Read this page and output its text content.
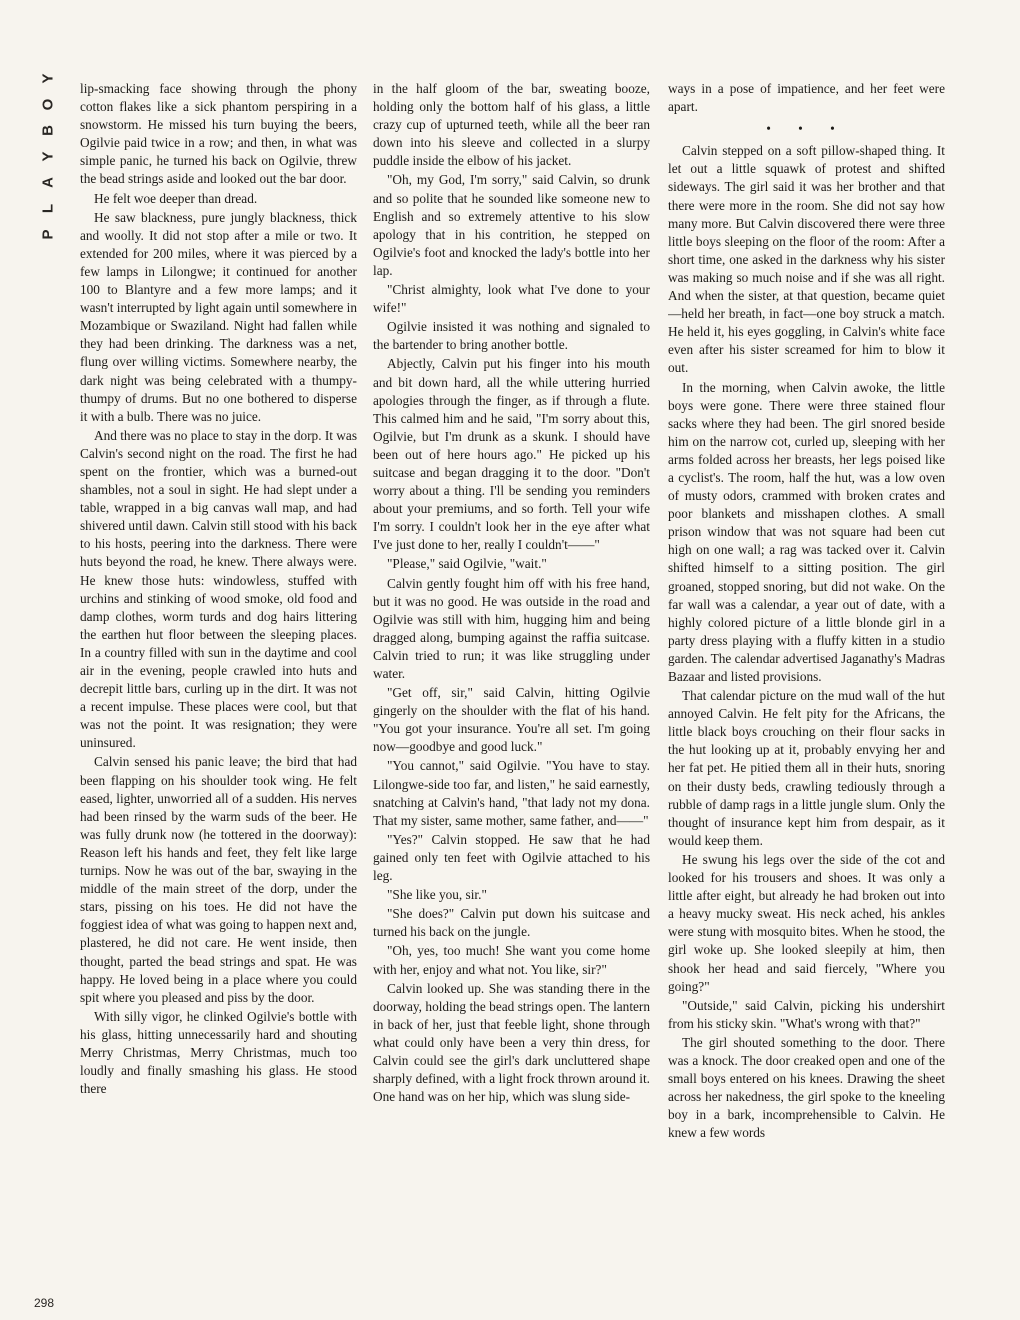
Y
O
B
Y
A
L
P
298

lip-smacking face showing through the phony cotton flakes like a sick phantom perspiring in a snowstorm. He missed his turn buying the beers, Ogilvie paid twice in a row; and then, in what was simple panic, he turned his back on Ogilvie, threw the bead strings aside and looked out the bar door.

He felt woe deeper than dread.

He saw blackness, pure jungly blackness, thick and woolly. It did not stop after a mile or two. It extended for 200 miles, where it was pierced by a few lamps in Lilongwe; it continued for another 100 to Blantyre and a few more lamps; and it wasn't interrupted by light again until somewhere in Mozambique or Swaziland. Night had fallen while they had been drinking. The darkness was a net, flung over willing victims. Somewhere nearby, the dark night was being celebrated with a thumpy-thumpy of drums. But no one bothered to disperse it with a bulb. There was no juice.

And there was no place to stay in the dorp. It was Calvin's second night on the road. The first he had spent on the frontier, which was a burned-out shambles, not a soul in sight. He had slept under a table, wrapped in a big canvas wall map, and had shivered until dawn. Calvin still stood with his back to his hosts, peering into the darkness. There were huts beyond the road, he knew. There always were. He knew those huts: windowless, stuffed with urchins and stinking of wood smoke, old food and damp clothes, worm turds and dog hairs littering the earthen hut floor between the sleeping places. In a country filled with sun in the daytime and cool air in the evening, people crawled into huts and decrepit little bars, curling up in the dirt. It was not a recent impulse. These places were cool, but that was not the point. It was resignation; they were uninsured.

Calvin sensed his panic leave; the bird that had been flapping on his shoulder took wing. He felt eased, lighter, unworried all of a sudden. His nerves had been rinsed by the warm suds of the beer. He was fully drunk now (he tottered in the doorway): Reason left his hands and feet, they felt like large turnips. Now he was out of the bar, swaying in the middle of the main street of the dorp, under the stars, pissing on his toes. He did not have the foggiest idea of what was going to happen next and, plastered, he did not care. He went inside, then thought, parted the bead strings and spat. He was happy. He loved being in a place where you could spit where you pleased and piss by the door.

With silly vigor, he clinked Ogilvie's bottle with his glass, hitting unnecessarily hard and shouting Merry Christmas, Merry Christmas, much too loudly and finally smashing his glass. He stood there

in the half gloom of the bar, sweating booze, holding only the bottom half of his glass, a little crazy cup of upturned teeth, while all the beer ran down into his sleeve and collected in a slurpy puddle inside the elbow of his jacket.

"Oh, my God, I'm sorry," said Calvin, so drunk and so polite that he sounded like someone new to English and so extremely attentive to his slow apology that in his contrition, he stepped on Ogilvie's foot and knocked the lady's bottle into her lap.

"Christ almighty, look what I've done to your wife!"

Ogilvie insisted it was nothing and signaled to the bartender to bring another bottle.

Abjectly, Calvin put his finger into his mouth and bit down hard, all the while uttering hurried apologies through the finger, as if through a flute. This calmed him and he said, "I'm sorry about this, Ogilvie, but I'm drunk as a skunk. I should have been out of here hours ago." He picked up his suitcase and began dragging it to the door. "Don't worry about a thing. I'll be sending you reminders about your premiums, and so forth. Tell your wife I'm sorry. I couldn't look her in the eye after what I've just done to her, really I couldn't——"

"Please," said Ogilvie, "wait."

Calvin gently fought him off with his free hand, but it was no good. He was outside in the road and Ogilvie was still with him, hugging him and being dragged along, bumping against the raffia suitcase. Calvin tried to run; it was like struggling under water.

"Get off, sir," said Calvin, hitting Ogilvie gingerly on the shoulder with the flat of his hand. "You got your insurance. You're all set. I'm going now—goodbye and good luck."

"You cannot," said Ogilvie. "You have to stay. Lilongwe-side too far, and listen," he said earnestly, snatching at Calvin's hand, "that lady not my dona. That my sister, same mother, same father, and——"

"Yes?" Calvin stopped. He saw that he had gained only ten feet with Ogilvie attached to his leg.

"She like you, sir."

"She does?" Calvin put down his suitcase and turned his back on the jungle.

"Oh, yes, too much! She want you come home with her, enjoy and what not. You like, sir?"

Calvin looked up. She was standing there in the doorway, holding the bead strings open. The lantern in back of her, just that feeble light, shone through what could only have been a very thin dress, for Calvin could see the girl's dark uncluttered shape sharply defined, with a light frock thrown around it. One hand was on her hip, which was slung side-

ways in a pose of impatience, and her feet were apart.

• • •

Calvin stepped on a soft pillow-shaped thing. It let out a little squawk of protest and shifted sideways. The girl said it was her brother and that there were more in the room. She did not say how many more. But Calvin discovered there were three little boys sleeping on the floor of the room: After a short time, one asked in the darkness why his sister was making so much noise and if she was all right. And when the sister, at that question, became quiet—held her breath, in fact—one boy struck a match. He held it, his eyes goggling, in Calvin's white face even after his sister screamed for him to blow it out.

In the morning, when Calvin awoke, the little boys were gone. There were three stained flour sacks where they had been. The girl snored beside him on the narrow cot, curled up, sleeping with her arms folded across her breasts, her legs poised like a cyclist's. The room, half the hut, was a low oven of musty odors, crammed with broken crates and poor blankets and misshapen clothes. A small prison window that was not square had been cut high on one wall; a rag was tacked over it. Calvin shifted himself to a sitting position. The girl groaned, stopped snoring, but did not wake. On the far wall was a calendar, a year out of date, with a highly colored picture of a little blonde girl in a party dress playing with a fluffy kitten in a studio garden. The calendar advertised Jaganathy's Madras Bazaar and listed provisions.

That calendar picture on the mud wall of the hut annoyed Calvin. He felt pity for the Africans, the little black boys crouching on their flour sacks in the hut looking up at it, probably envying her and her fat pet. He pitied them all in their huts, snoring on their dusty beds, crawling tediously through a rubble of damp rags in a little jungle slum. Only the thought of insurance kept him from despair, as it would keep them.

He swung his legs over the side of the cot and looked for his trousers and shoes. It was only a little after eight, but already he had broken out into a heavy mucky sweat. His neck ached, his ankles were stung with mosquito bites. When he stood, the girl woke up. She looked sleepily at him, then shook her head and said fiercely, "Where you going?"

"Outside," said Calvin, picking his undershirt from his sticky skin. "What's wrong with that?"

The girl shouted something to the door. There was a knock. The door creaked open and one of the small boys entered on his knees. Drawing the sheet across her nakedness, the girl spoke to the kneeling boy in a bark, incomprehensible to Calvin. He knew a few words
